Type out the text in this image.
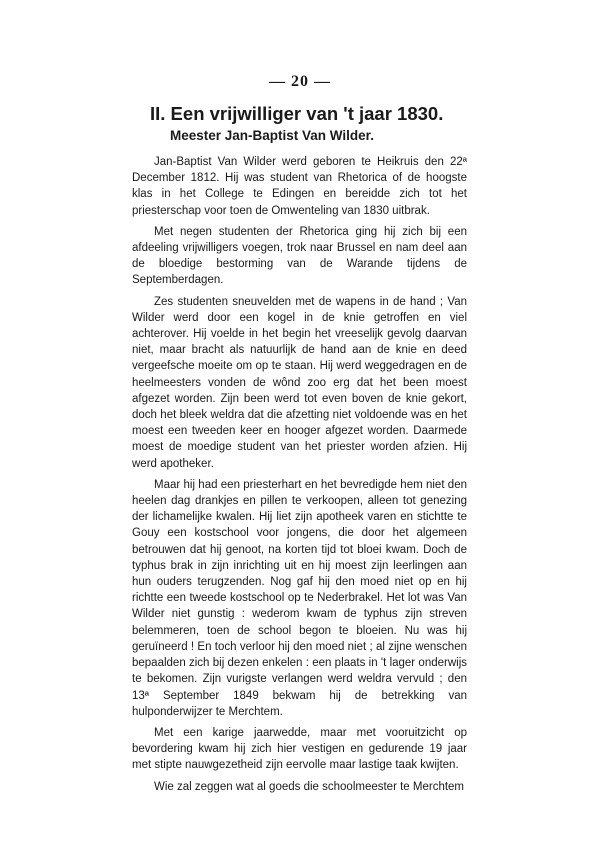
— 20 —
II. Een vrijwilliger van 't jaar 1830.
Meester Jan-Baptist Van Wilder.

Jan-Baptist Van Wilder werd geboren te Heikruis den 22ª December 1812. Hij was student van Rhetorica of de hoogste klas in het College te Edingen en bereidde zich tot het priesterschap voor toen de Omwenteling van 1830 uitbrak.

Met negen studenten der Rhetorica ging hij zich bij een afdeeling vrijwilligers voegen, trok naar Brussel en nam deel aan de bloedige bestorming van de Warande tijdens de Septemberdagen.

Zes studenten sneuvelden met de wapens in de hand ; Van Wilder werd door een kogel in de knie getroffen en viel achterover. Hij voelde in het begin het vreeselijk gevolg daarvan niet, maar bracht als natuurlijk de hand aan de knie en deed vergeefsche moeite om op te staan. Hij werd weggedragen en de heelmeesters vonden de wônd zoo erg dat het been moest afgezet worden. Zijn been werd tot even boven de knie gekort, doch het bleek weldra dat die afzetting niet voldoende was en het moest een tweeden keer en hooger afgezet worden. Daarmede moest de moedige student van het priester worden afzien. Hij werd apotheker.

Maar hij had een priesterhart en het bevredigde hem niet den heelen dag drankjes en pillen te verkoopen, alleen tot genezing der lichamelijke kwalen. Hij liet zijn apotheek varen en stichtte te Gouy een kostschool voor jongens, die door het algemeen betrouwen dat hij genoot, na korten tijd tot bloei kwam. Doch de typhus brak in zijn inrichting uit en hij moest zijn leerlingen aan hun ouders terugzenden. Nog gaf hij den moed niet op en hij richtte een tweede kostschool op te Nederbrakel. Het lot was Van Wilder niet gunstig : wederom kwam de typhus zijn streven belemmeren, toen de school begon te bloeien. Nu was hij geruïneerd ! En toch verloor hij den moed niet ; al zijne wenschen bepaalden zich bij dezen enkelen : een plaats in 't lager onderwijs te bekomen. Zijn vurigste verlangen werd weldra vervuld ; den 13ª September 1849 bekwam hij de betrekking van hulponderwijzer te Merchtem.

Met een karige jaarwedde, maar met vooruitzicht op bevordering kwam hij zich hier vestigen en gedurende 19 jaar met stipte nauwgezetheid zijn eervolle maar lastige taak kwijten.

Wie zal zeggen wat al goeds die schoolmeester te Merchtem
